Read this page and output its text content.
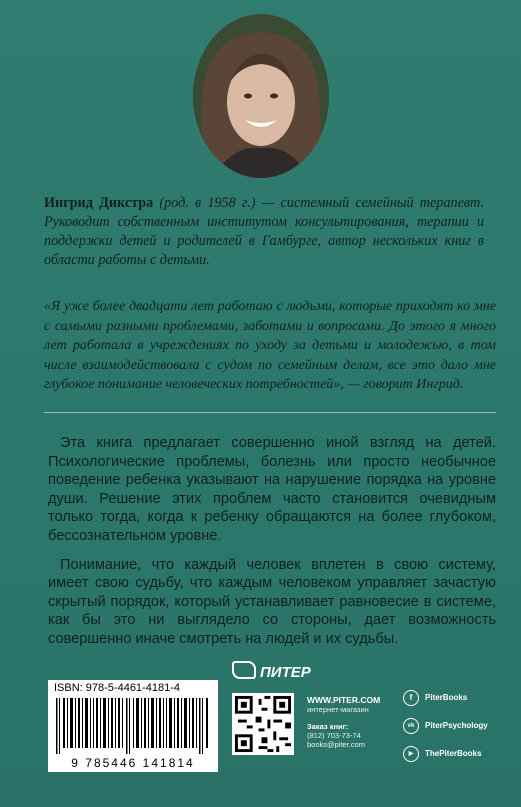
Ингрид Дикстра (род. в 1958 г.) — системный семейный терапевт. Руководит собственным институтом консультирования, терапии и поддержки детей и родителей в Гамбурге, автор нескольких книг в области работы с детьми.
«Я уже более двадцати лет работаю с людьми, которые приходят ко мне с самыми разными проблемами, заботами и вопросами. До этого я много лет работала в учреждениях по уходу за детьми и молодежью, в том числе взаимодействовала с судом по семейным делам, все это дало мне глубокое понимание человеческих потребностей», — говорит Ингрид.

Эта книга предлагает совершенно иной взгляд на детей. Психологические проблемы, болезнь или просто необычное поведение ребенка указывают на нарушение порядка на уровне души. Решение этих проблем часто становится очевидным только тогда, когда к ребенку обращаются на более глубоком, бессознательном уровне.

Понимание, что каждый человек вплетен в свою систему, имеет свою судьбу, что каждым человеком управляет зачастую скрытый порядок, который устанавливает равновесие в системе, как бы это ни выглядело со стороны, дает возможность совершенно иначе смотреть на людей и их судьбы.

ISBN: 978-5-4461-4181-4
9 785446 141814
ПИТЕР
WWW.PITER.COM
интернет-магазин
Заказ книг:
(812) 703-73-74
books@piter.com
f PiterBooks
vk PiterPsychology
▶ ThePiterBooks
